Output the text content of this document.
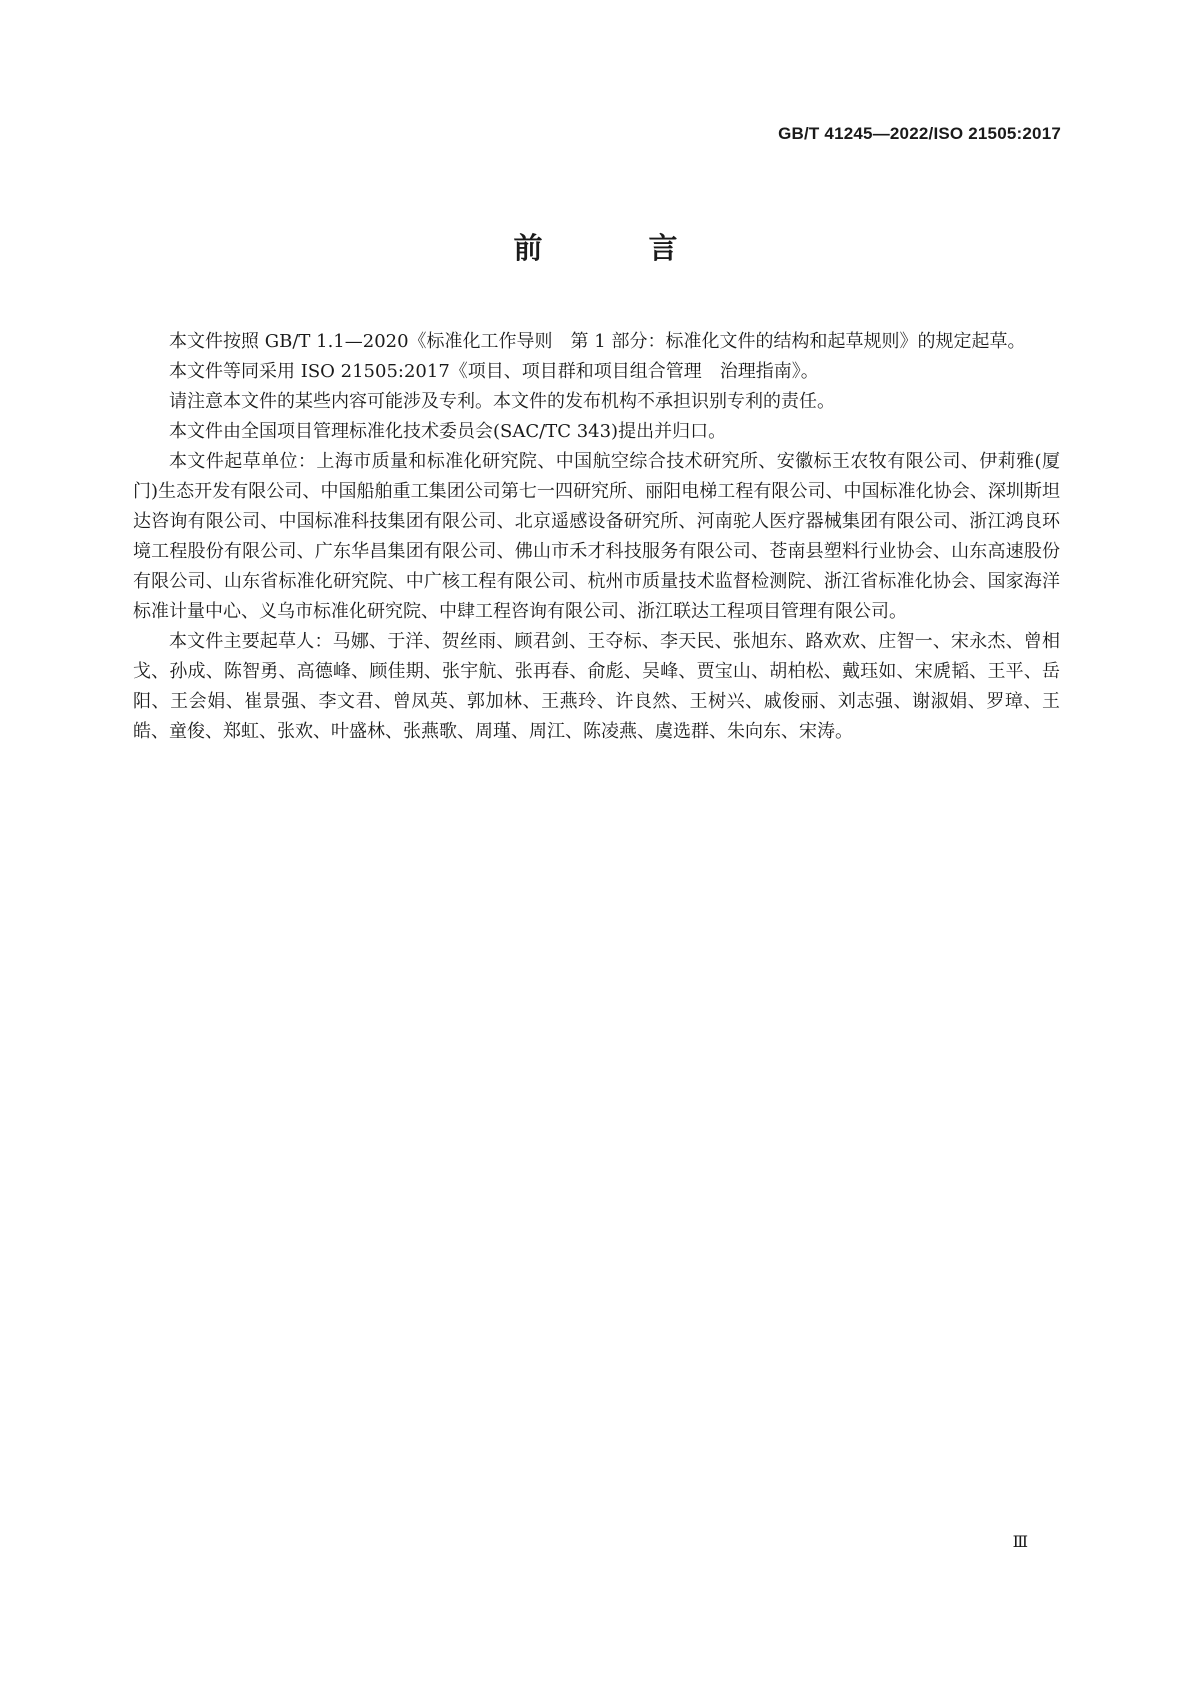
GB/T 41245—2022/ISO 21505:2017
前 言

本文件按照 GB/T 1.1—2020《标准化工作导则　第 1 部分：标准化文件的结构和起草规则》的规定起草。

本文件等同采用 ISO 21505:2017《项目、项目群和项目组合管理　治理指南》。

请注意本文件的某些内容可能涉及专利。本文件的发布机构不承担识别专利的责任。

本文件由全国项目管理标准化技术委员会(SAC/TC 343)提出并归口。

本文件起草单位：上海市质量和标准化研究院、中国航空综合技术研究所、安徽标王农牧有限公司、伊莉雅(厦门)生态开发有限公司、中国船舶重工集团公司第七一四研究所、丽阳电梯工程有限公司、中国标准化协会、深圳斯坦达咨询有限公司、中国标准科技集团有限公司、北京遥感设备研究所、河南驼人医疗器械集团有限公司、浙江鸿良环境工程股份有限公司、广东华昌集团有限公司、佛山市禾才科技服务有限公司、苍南县塑料行业协会、山东高速股份有限公司、山东省标准化研究院、中广核工程有限公司、杭州市质量技术监督检测院、浙江省标准化协会、国家海洋标准计量中心、义乌市标准化研究院、中肆工程咨询有限公司、浙江联达工程项目管理有限公司。

本文件主要起草人：马娜、于洋、贺丝雨、顾君剑、王夺标、李天民、张旭东、路欢欢、庄智一、宋永杰、曾相戈、孙成、陈智勇、高德峰、顾佳期、张宇航、张再春、俞彪、吴峰、贾宝山、胡柏松、戴珏如、宋虒韬、王平、岳阳、王会娟、崔景强、李文君、曾凤英、郭加林、王燕玲、许良然、王树兴、戚俊丽、刘志强、谢淑娟、罗璋、王皓、童俊、郑虹、张欢、叶盛林、张燕歌、周瑾、周江、陈凌燕、虞选群、朱向东、宋涛。

Ⅲ
